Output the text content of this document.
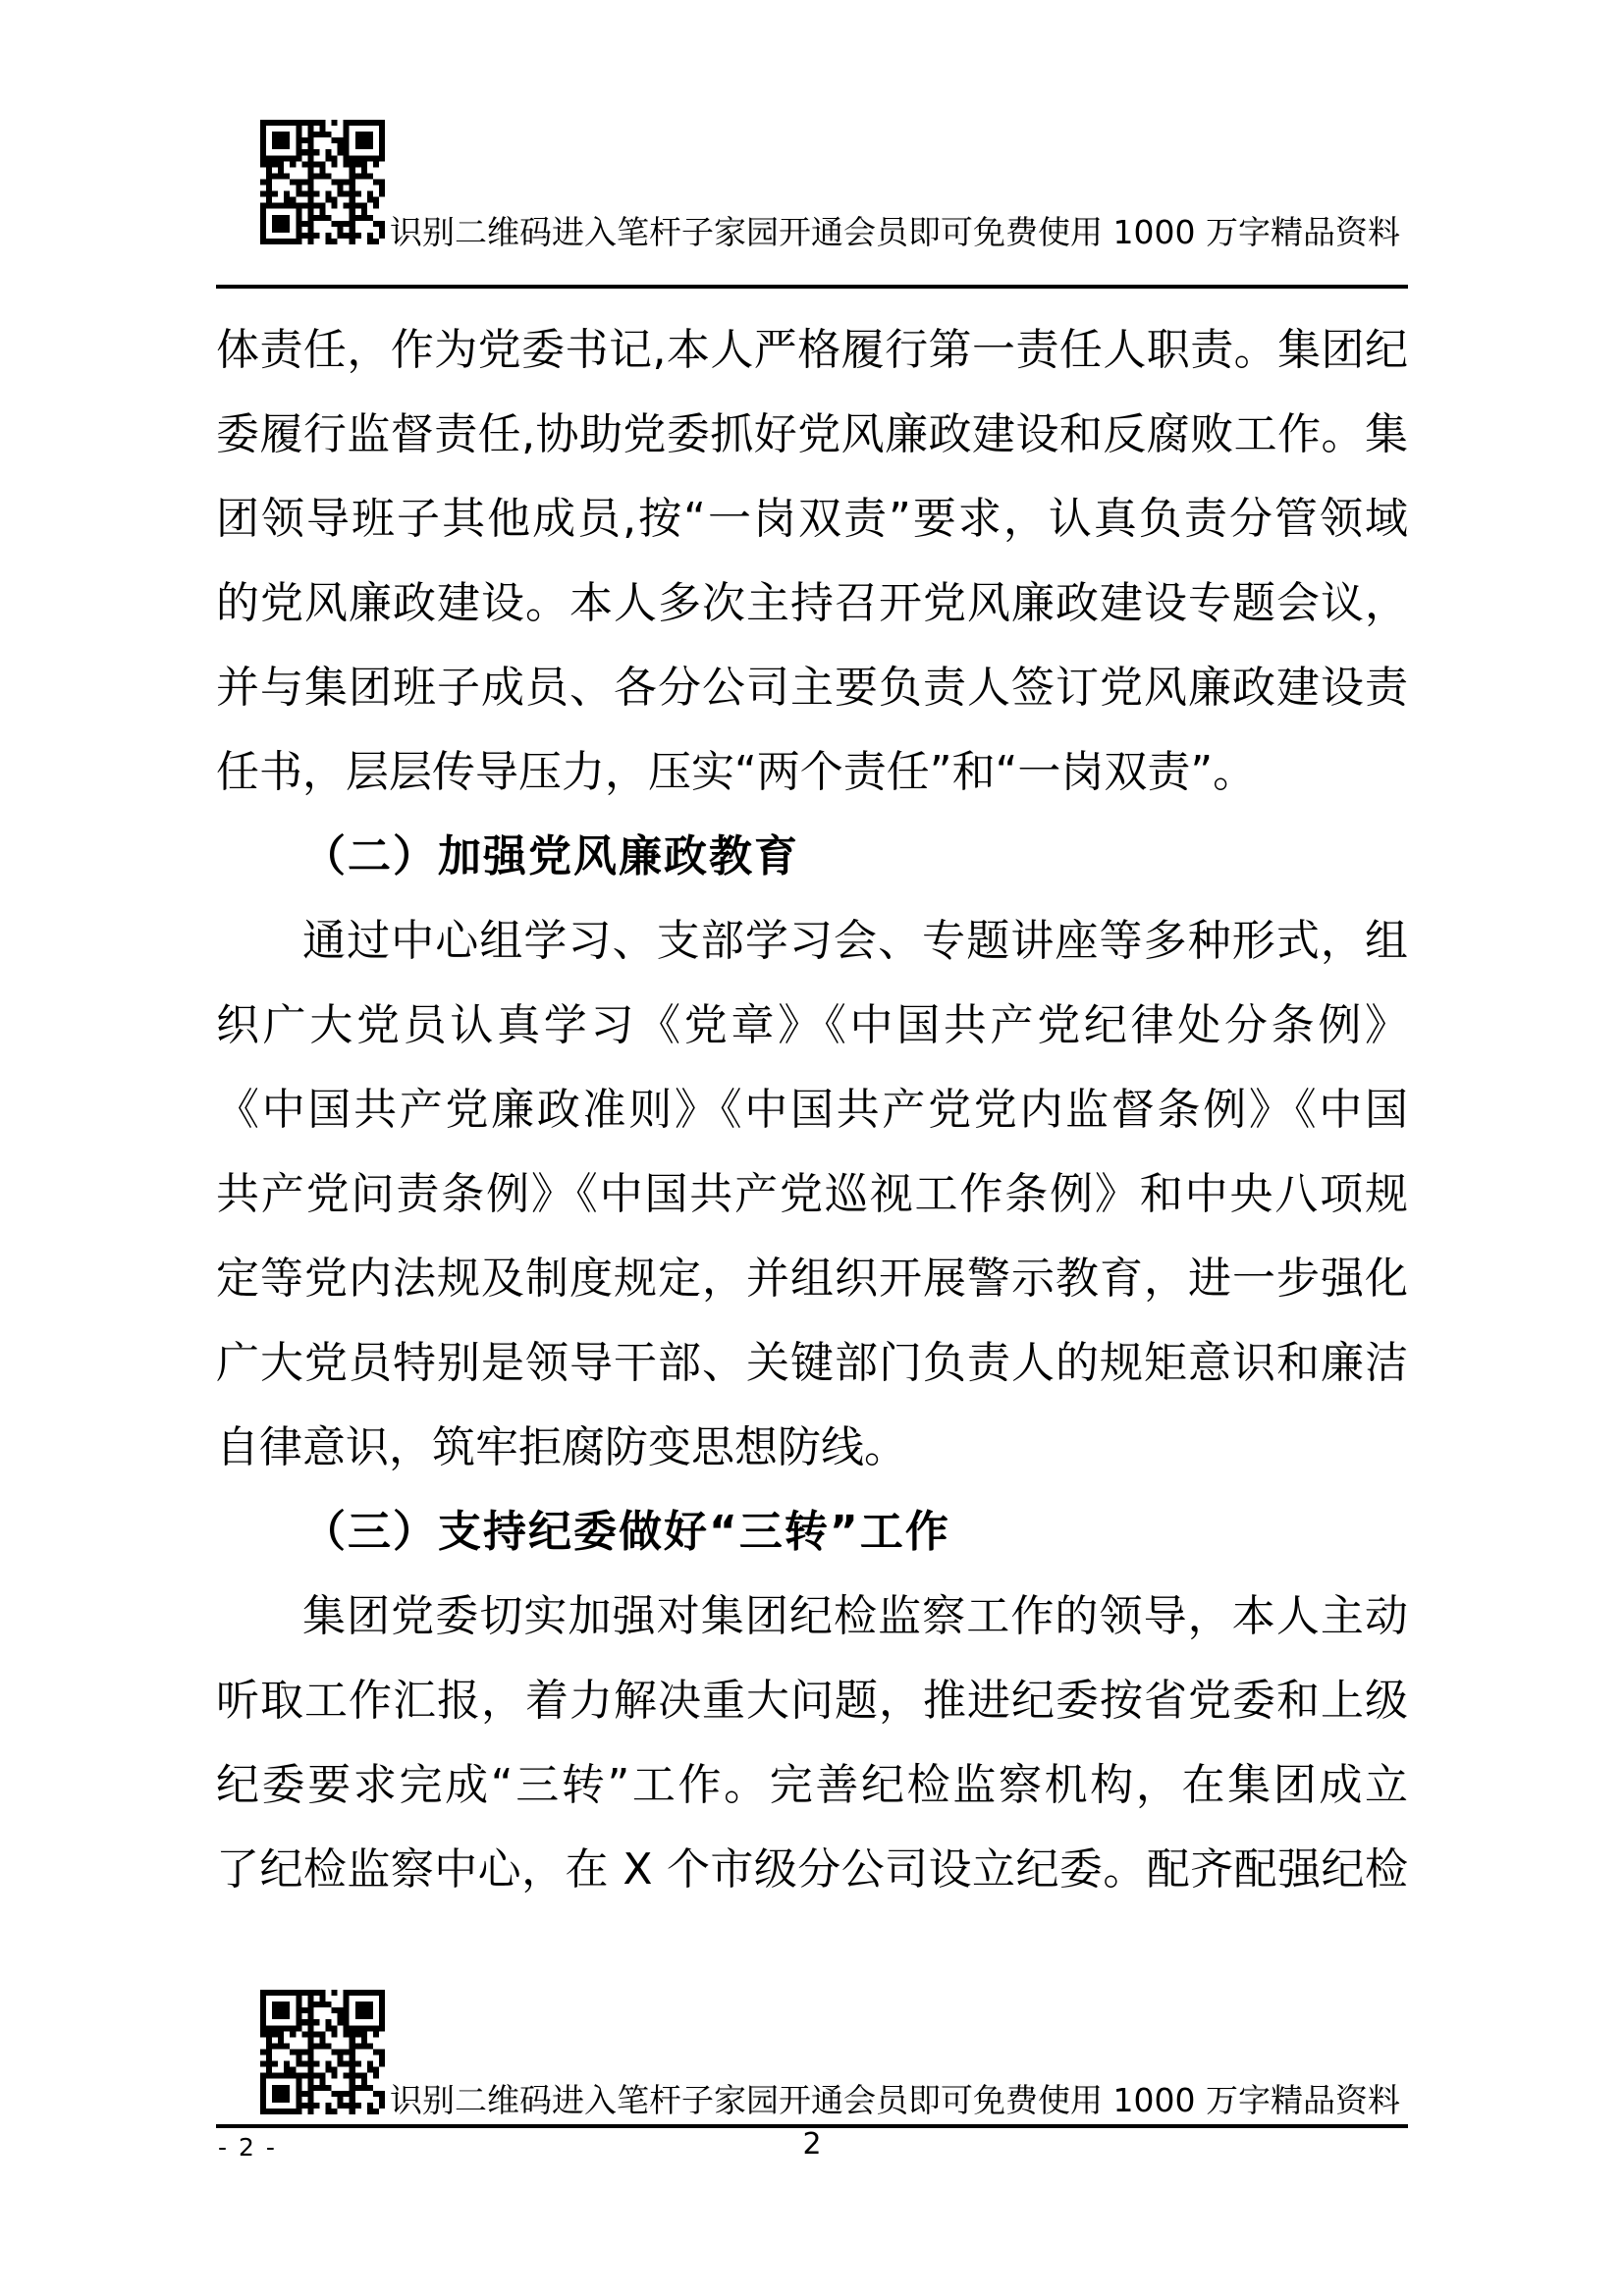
识别二维码进入笔杆子家园开通会员即可免费使用 1000 万字精品资料
体责任，作为党委书记,本人严格履行第一责任人职责。集团纪
委履行监督责任,协助党委抓好党风廉政建设和反腐败工作。集
团领导班子其他成员,按“一岗双责”要求，认真负责分管领域
的党风廉政建设。本人多次主持召开党风廉政建设专题会议，
并与集团班子成员、各分公司主要负责人签订党风廉政建设责
任书，层层传导压力，压实“两个责任”和“一岗双责”。
（二）加强党风廉政教育
通过中心组学习、支部学习会、专题讲座等多种形式，组
织广大党员认真学习《党章》《中国共产党纪律处分条例》
《中国共产党廉政准则》《中国共产党党内监督条例》《中国
共产党问责条例》《中国共产党巡视工作条例》和中央八项规
定等党内法规及制度规定，并组织开展警示教育，进一步强化
广大党员特别是领导干部、关键部门负责人的规矩意识和廉洁
自律意识，筑牢拒腐防变思想防线。
（三）支持纪委做好“三转”工作
集团党委切实加强对集团纪检监察工作的领导，本人主动
听取工作汇报，着力解决重大问题，推进纪委按省党委和上级
纪委要求完成“三转”工作。完善纪检监察机构，在集团成立
了纪检监察中心，在 X 个市级分公司设立纪委。配齐配强纪检
识别二维码进入笔杆子家园开通会员即可免费使用 1000 万字精品资料
- 2 -	2
